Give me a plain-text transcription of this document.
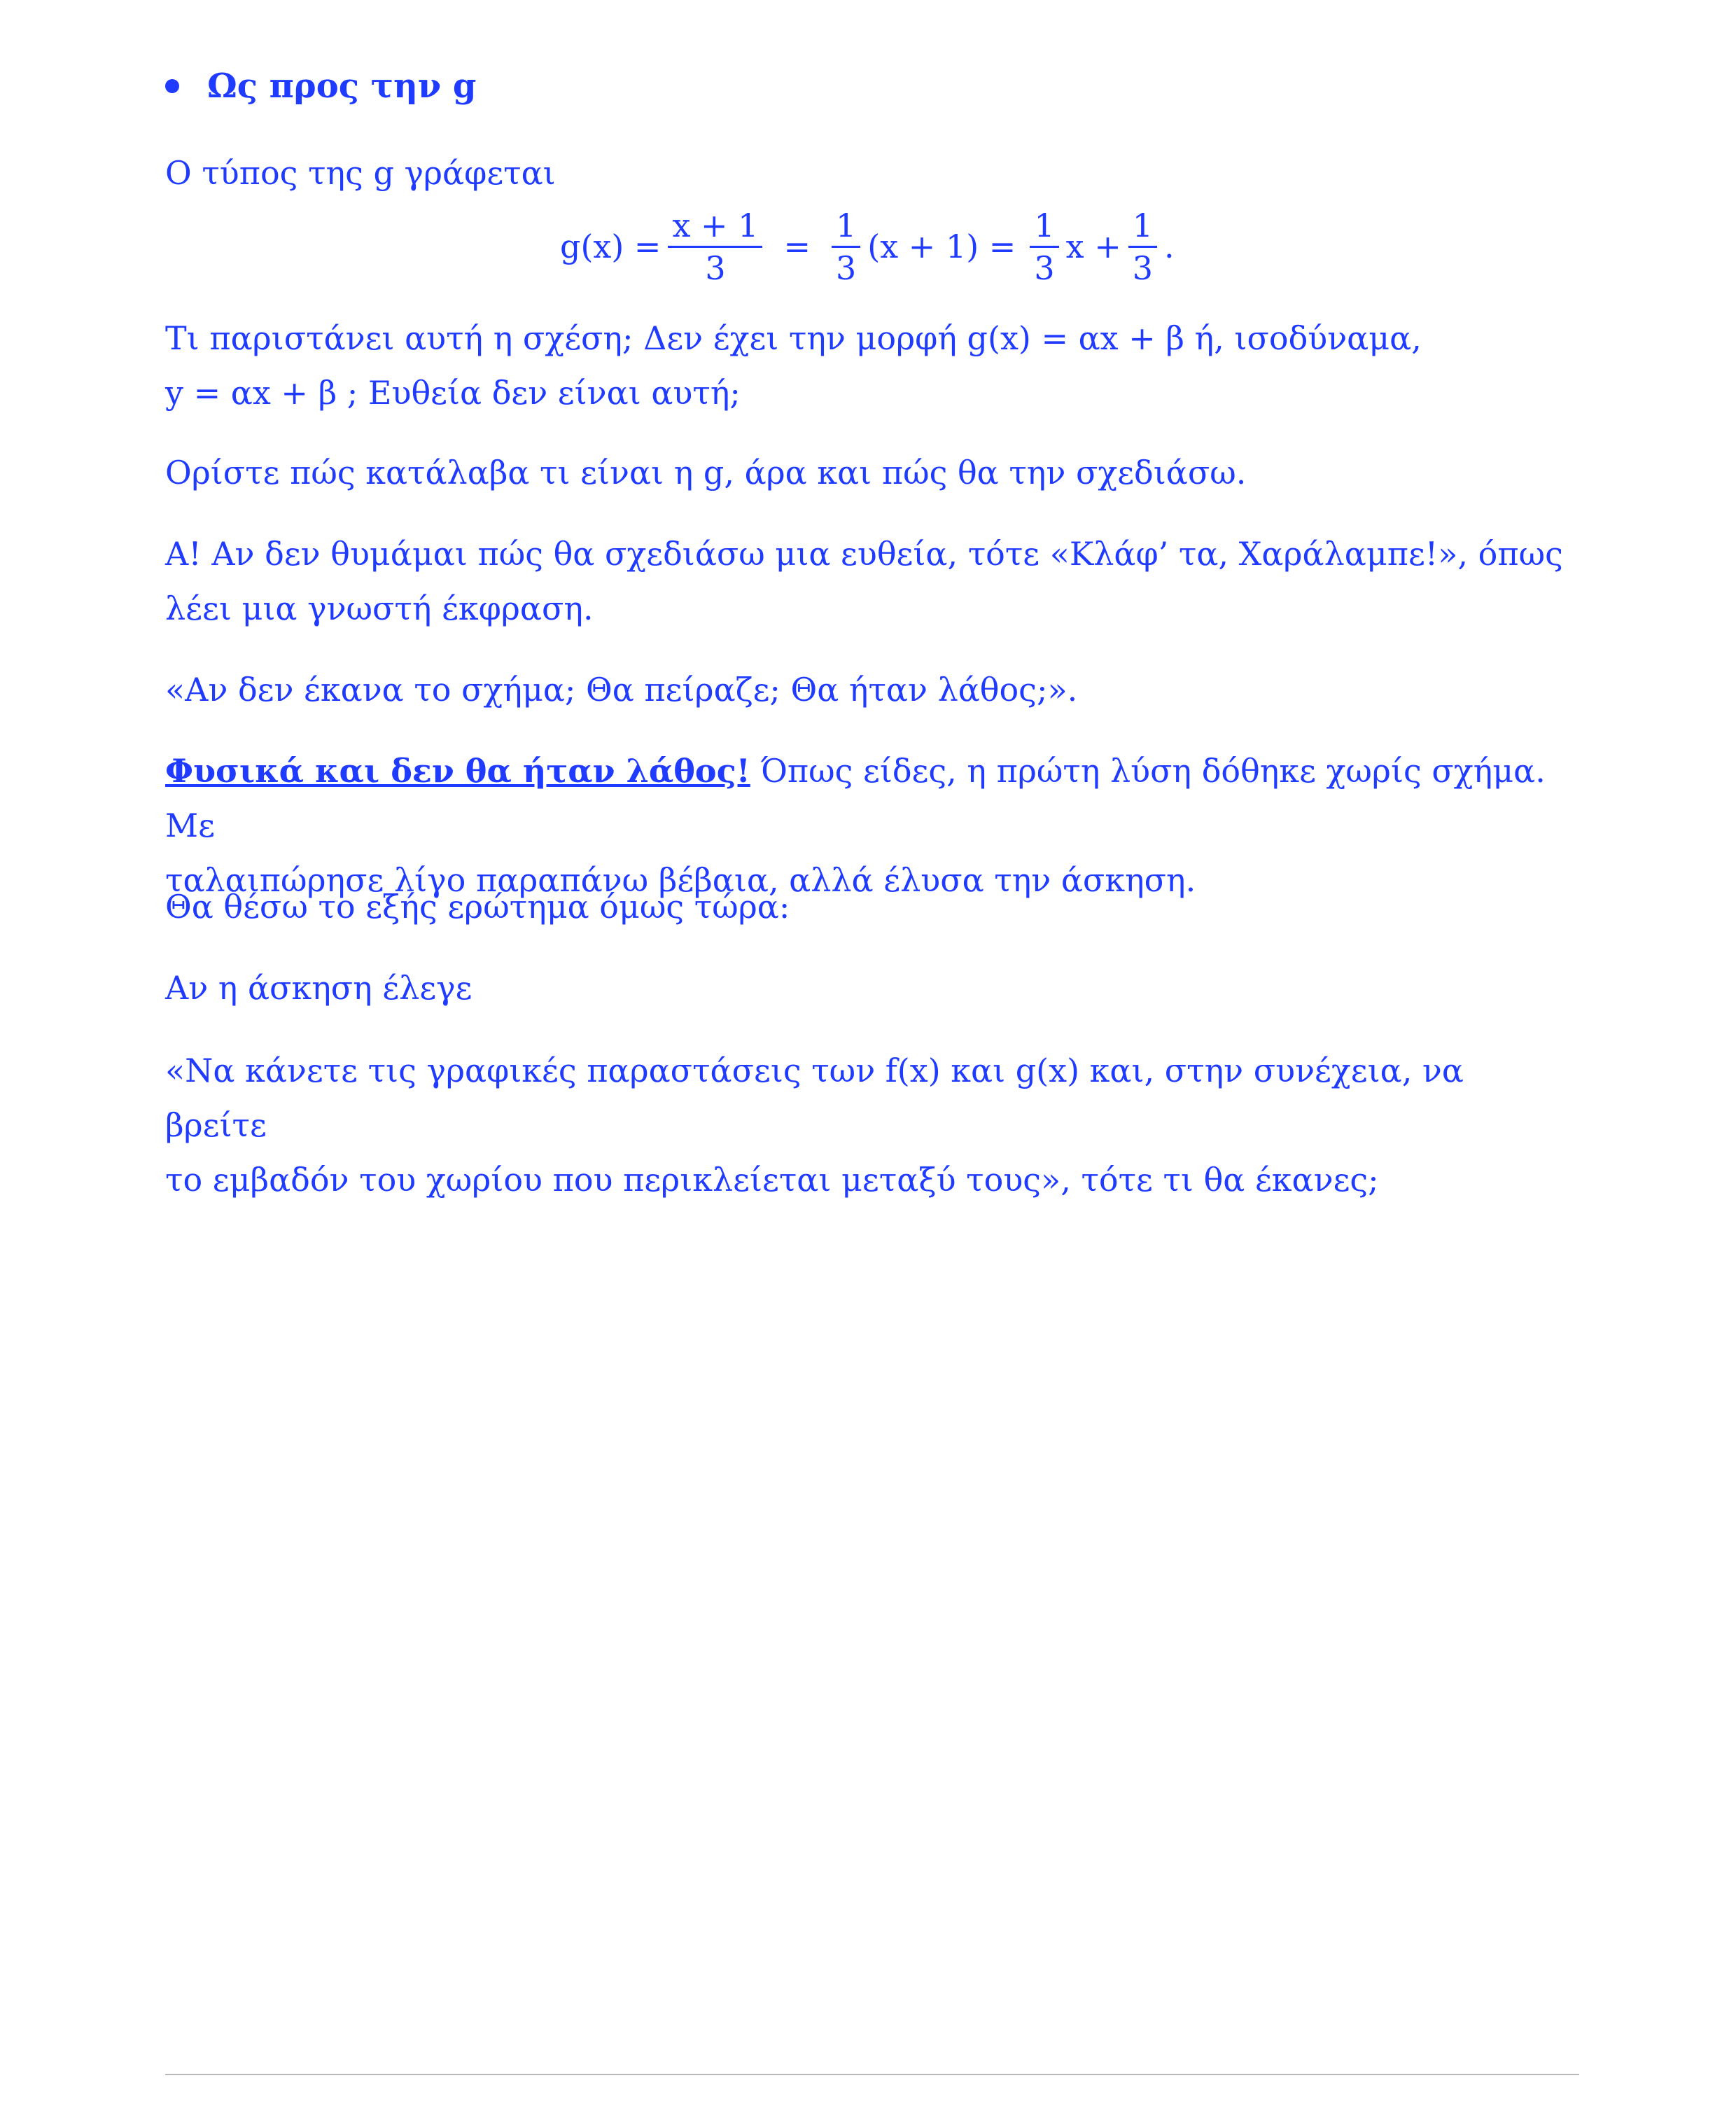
Ως προς την g

Ο τύπος της g γράφεται

$g(x) = \frac{x + 1}{3} = \frac{1}{3} (x + 1) = \frac{1}{3}$ $x + \frac{1}{3}$ .

Τι παριστάνει αυτή η σχέση; Δεν έχει την μορφή g(x) = αx + β ή, ισοδύναμα,
y = αx + β ; Ευθεία δεν είναι αυτή;

Ορίστε πώς κατάλαβα τι είναι η g, άρα και πώς θα την σχεδιάσω.

Α! Αν δεν θυμάμαι πώς θα σχεδιάσω μια ευθεία, τότε «Κλάφ’ τα, Χαράλαμπε!», όπως
λέει μια γνωστή έκφραση.

«Αν δεν έκανα το σχήμα; Θα πείραζε; Θα ήταν λάθος;».

Φυσικά και δεν θα ήταν λάθος! Όπως είδες, η πρώτη λύση δόθηκε χωρίς σχήμα. Με
ταλαιπώρησε λίγο παραπάνω βέβαια, αλλά έλυσα την άσκηση.

Θα θέσω το εξής ερώτημα όμως τώρα:

Αν η άσκηση έλεγε

«Να κάνετε τις γραφικές παραστάσεις των f(x) και g(x) και, στην συνέχεια, να βρείτε
το εμβαδόν του χωρίου που περικλείεται μεταξύ τους», τότε τι θα έκανες;
